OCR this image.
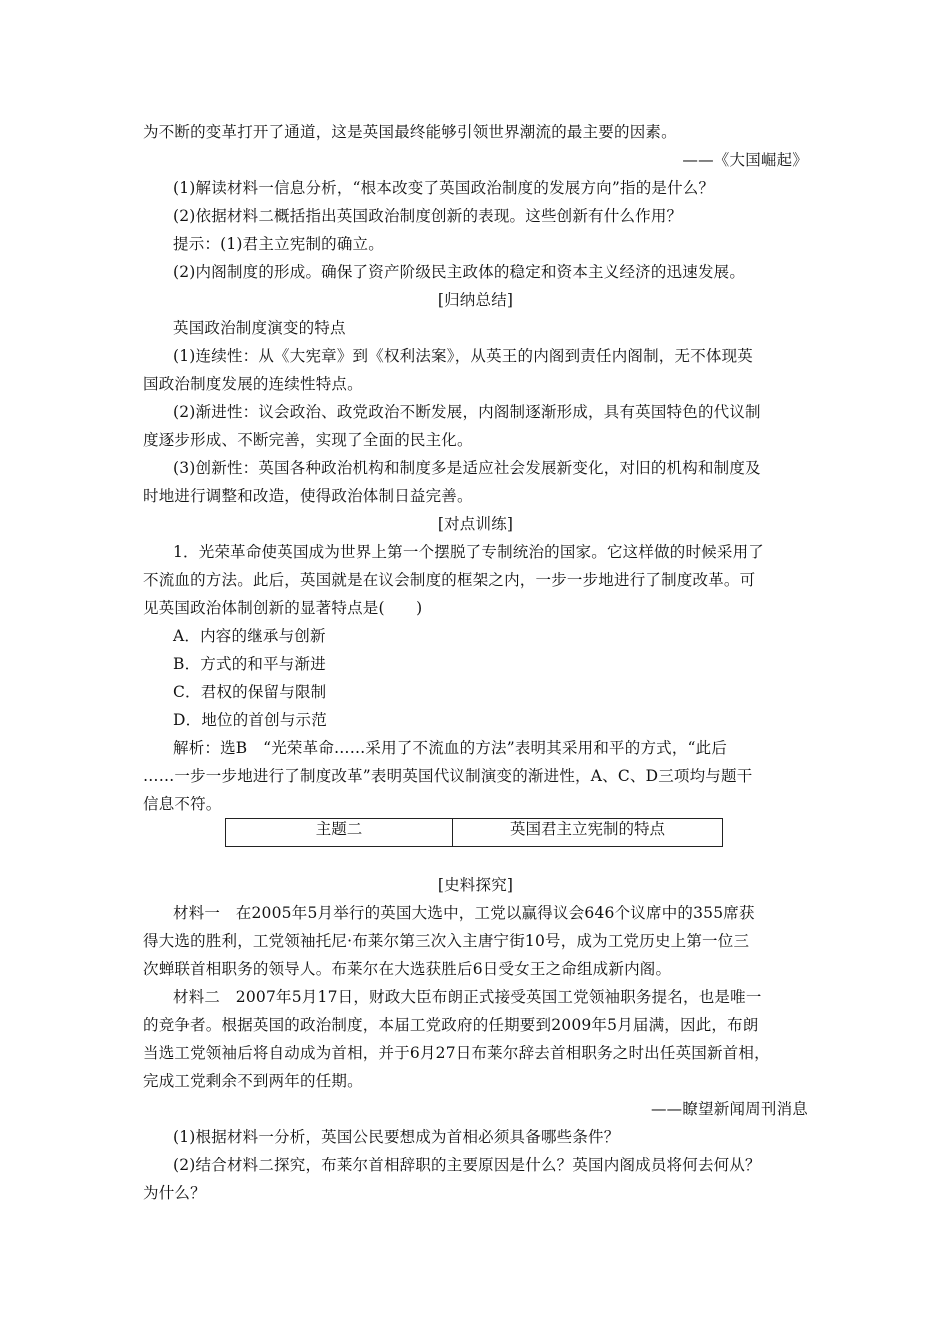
为不断的变革打开了通道，这是英国最终能够引领世界潮流的最主要的因素。
——《大国崛起》
(1)解读材料一信息分析，“根本改变了英国政治制度的发展方向”指的是什么？
(2)依据材料二概括指出英国政治制度创新的表现。这些创新有什么作用？
提示：(1)君主立宪制的确立。
(2)内阁制度的形成。确保了资产阶级民主政体的稳定和资本主义经济的迅速发展。
[归纳总结]
英国政治制度演变的特点
(1)连续性：从《大宪章》到《权利法案》，从英王的内阁到责任内阁制，无不体现英
国政治制度发展的连续性特点。
(2)渐进性：议会政治、政党政治不断发展，内阁制逐渐形成，具有英国特色的代议制
度逐步形成、不断完善，实现了全面的民主化。
(3)创新性：英国各种政治机构和制度多是适应社会发展新变化，对旧的机构和制度及
时地进行调整和改造，使得政治体制日益完善。
[对点训练]
1．光荣革命使英国成为世界上第一个摆脱了专制统治的国家。它这样做的时候采用了
不流血的方法。此后，英国就是在议会制度的框架之内，一步一步地进行了制度改革。可
见英国政治体制创新的显著特点是(　　)
A．内容的继承与创新
B．方式的和平与渐进
C．君权的保留与限制
D．地位的首创与示范
解析：选B　“光荣革命……采用了不流血的方法”表明其采用和平的方式，“此后
……一步一步地进行了制度改革”表明英国代议制演变的渐进性，A、C、D三项均与题干
信息不符。
主题二	英国君主立宪制的特点
[史料探究]
材料一　在2005年5月举行的英国大选中，工党以赢得议会646个议席中的355席获
得大选的胜利，工党领袖托尼·布莱尔第三次入主唐宁街10号，成为工党历史上第一位三
次蝉联首相职务的领导人。布莱尔在大选获胜后6日受女王之命组成新内阁。
材料二　2007年5月17日，财政大臣布朗正式接受英国工党领袖职务提名，也是唯一
的竞争者。根据英国的政治制度，本届工党政府的任期要到2009年5月届满，因此，布朗
当选工党领袖后将自动成为首相，并于6月27日布莱尔辞去首相职务之时出任英国新首相，
完成工党剩余不到两年的任期。
——瞭望新闻周刊消息
(1)根据材料一分析，英国公民要想成为首相必须具备哪些条件？
(2)结合材料二探究，布莱尔首相辞职的主要原因是什么？英国内阁成员将何去何从？
为什么？
